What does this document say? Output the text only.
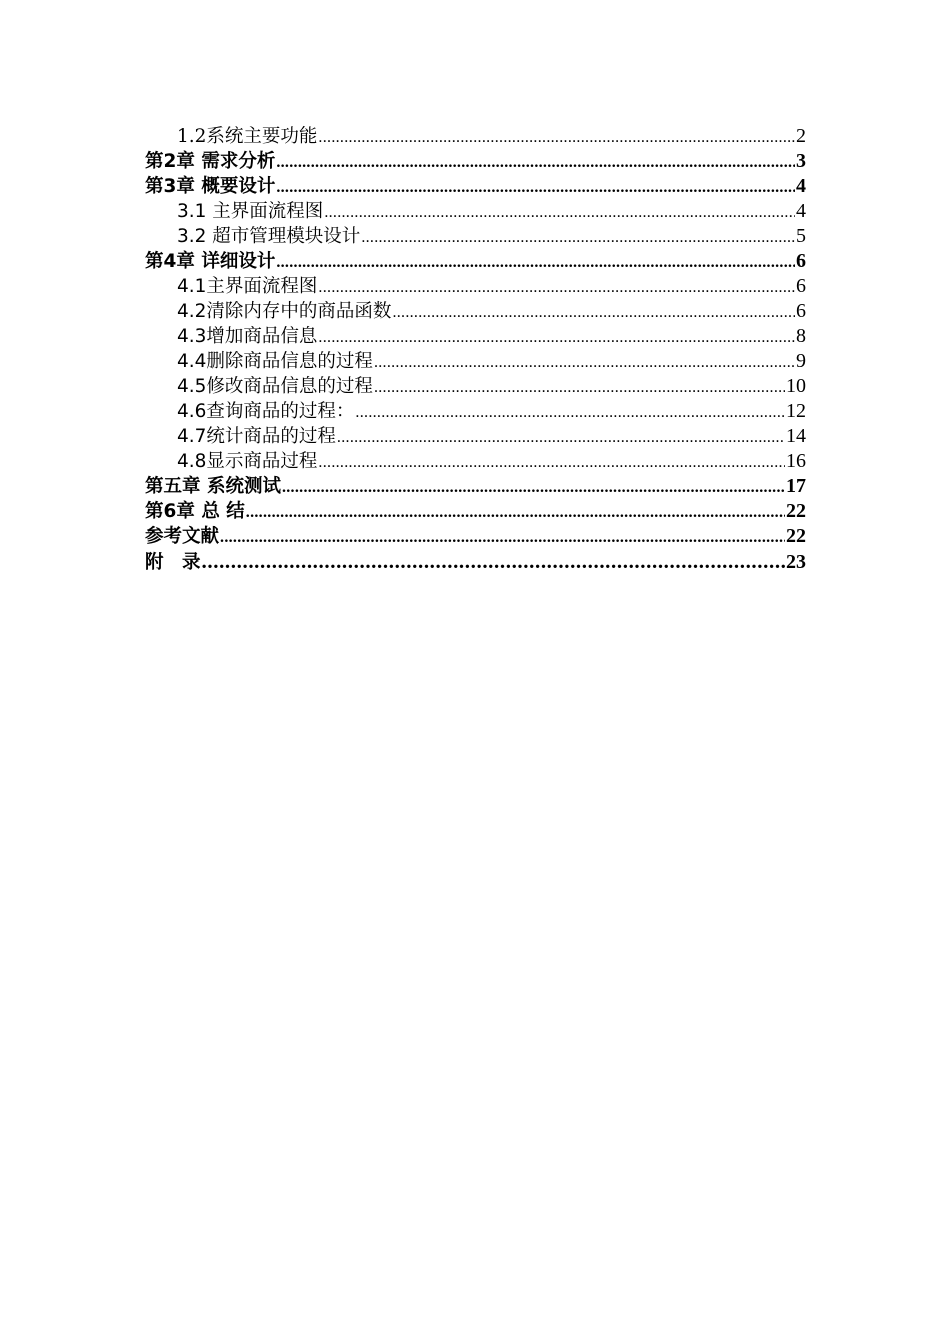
1.2系统主要功能 .....	2
第2章 需求分析 .....	3
第3章 概要设计 .....	4
3.1 主界面流程图 .....	4
3.2 超市管理模块设计 .....	5
第4章 详细设计 .....	6
4.1主界面流程图 .....	6
4.2清除内存中的商品函数 .....	6
4.3增加商品信息 .....	8
4.4删除商品信息的过程 .....	9
4.5修改商品信息的过程 .....	10
4.6查询商品的过程： .....	12
4.7统计商品的过程 .....	14
4.8显示商品过程 .....	16
第五章 系统测试 .....	17
第6章 总 结 .....	22
参考文献 .....	22
附　录 .....	23
